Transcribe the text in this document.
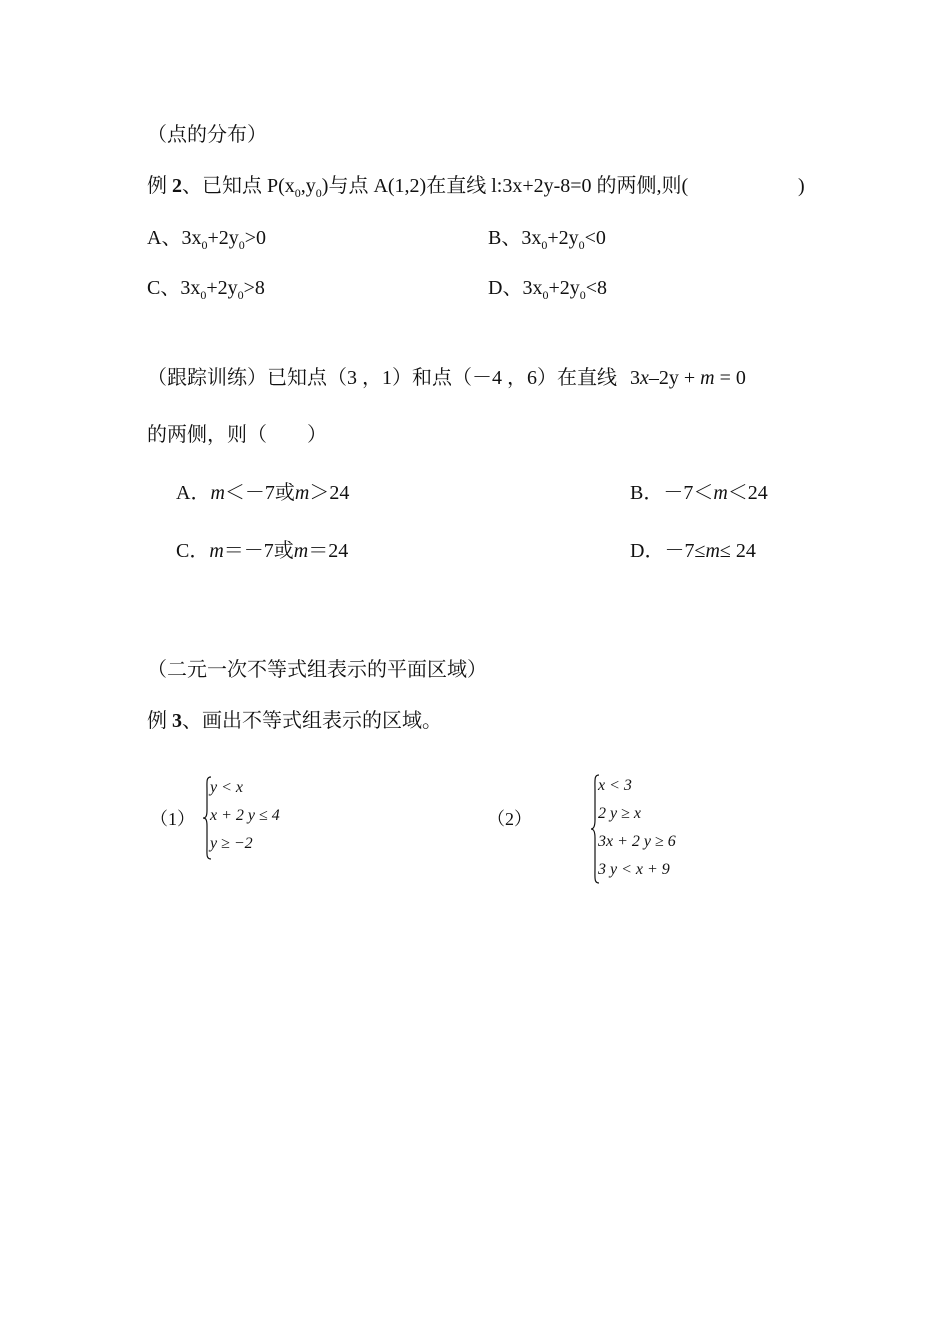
（点的分布）
例 2、已知点 $P(x_0,y_0)$与点 A(1,2)在直线 l:3x+2y-8=0 的两侧,则(	)
A、$3x_0+2y_0>0$	B、$3x_0+2y_0<0$
C、$3x_0+2y_0>8$	D、$3x_0+2y_0<8$
（跟踪训练）已知点（3 ，1）和点（－4 ，6）在直线 3x–2y + m = 0
的两侧，则（ ）
A．m＜－7或m＞24	B．－7＜m＜24
C．m＝－7或m＝24	D．－7≤m≤ 24
（二元一次不等式组表示的平面区域）
例 3、画出不等式组表示的区域。
（1）
y < x
x + 2 y ≤ 4
y ≥ −2
（2）
x < 3
2 y ≥ x
3x + 2 y ≥ 6
3 y < x + 9
